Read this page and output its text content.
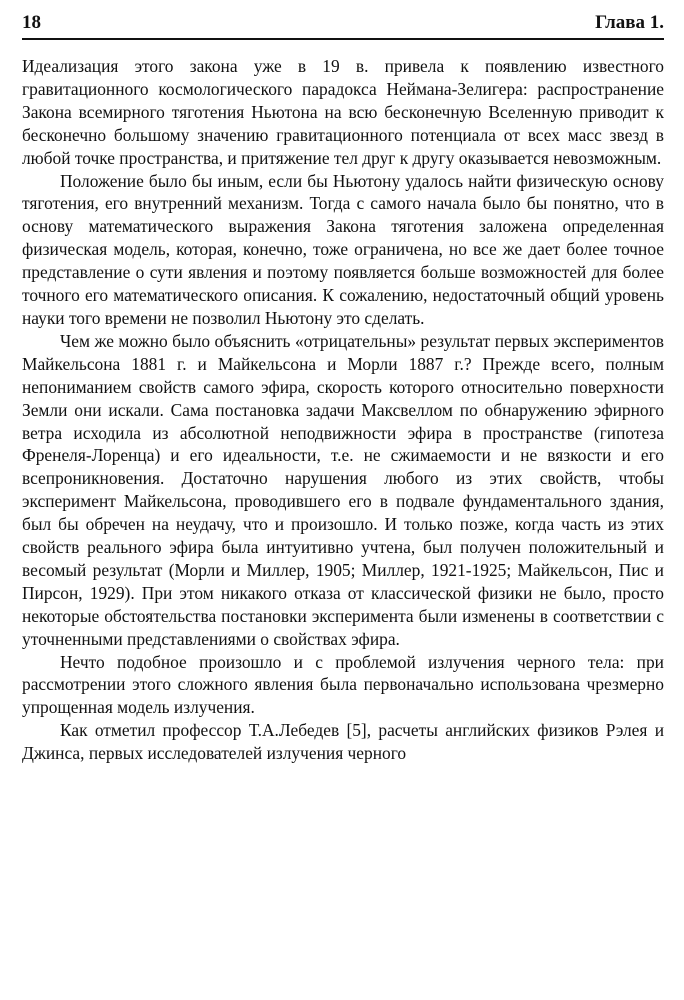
18	Глава 1.

Идеализация этого закона уже в 19 в. привела к появлению известного гравитационного космологического парадокса Неймана-Зелигера: распространение Закона всемирного тяготения Ньютона на всю бесконечную Вселенную приводит к бесконечно большому значению гравитационного потенциала от всех масс звезд в любой точке пространства, и притяжение тел друг к другу оказывается невозможным.

Положение было бы иным, если бы Ньютону удалось найти физическую основу тяготения, его внутренний механизм. Тогда с самого начала было бы понятно, что в основу математического выражения Закона тяготения заложена определенная физическая модель, которая, конечно, тоже ограничена, но все же дает более точное представление о сути явления и поэтому появляется больше возможностей для более точного его математического описания. К сожалению, недостаточный общий уровень науки того времени не позволил Ньютону это сделать.

Чем же можно было объяснить «отрицательны» результат первых экспериментов Майкельсона 1881 г. и Майкельсона и Морли 1887 г.? Прежде всего, полным непониманием свойств самого эфира, скорость которого относительно поверхности Земли они искали. Сама постановка задачи Максвеллом по обнаружению эфирного ветра исходила из абсолютной неподвижности эфира в пространстве (гипотеза Френеля-Лоренца) и его идеальности, т.е. не сжимаемости и не вязкости и его всепроникновения. Достаточно нарушения любого из этих свойств, чтобы эксперимент Майкельсона, проводившего его в подвале фундаментального здания, был бы обречен на неудачу, что и произошло. И только позже, когда часть из этих свойств реального эфира была интуитивно учтена, был получен положительный и весомый результат (Морли и Миллер, 1905; Миллер, 1921-1925; Майкельсон, Пис и Пирсон, 1929). При этом никакого отказа от классической физики не было, просто некоторые обстоятельства постановки эксперимента были изменены в соответствии с уточненными представлениями о свойствах эфира.

Нечто подобное произошло и с проблемой излучения черного тела: при рассмотрении этого сложного явления была первоначально использована чрезмерно упрощенная модель излучения.

Как отметил профессор Т.А.Лебедев [5], расчеты английских физиков Рэлея и Джинса, первых исследователей излучения черного
